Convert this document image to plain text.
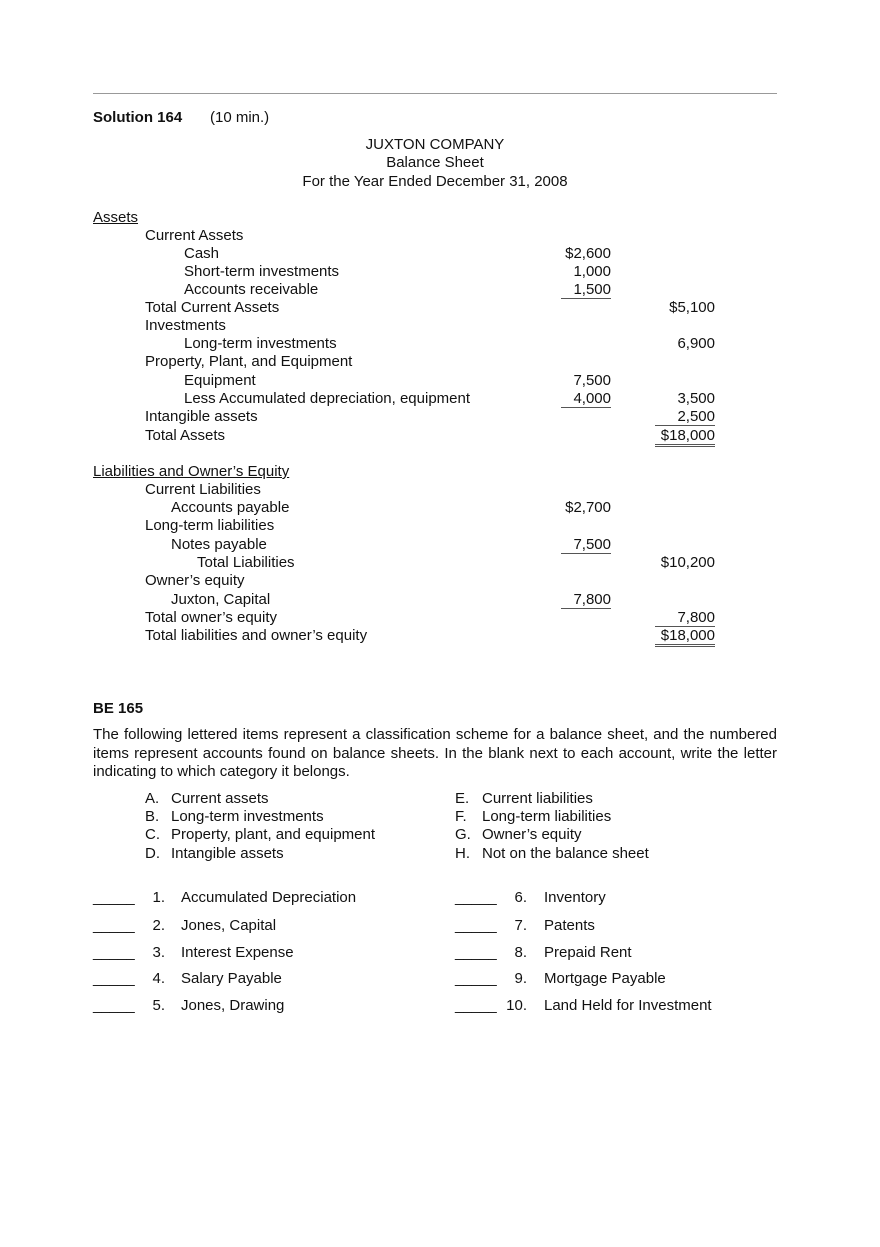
Solution 164 (10 min.)
JUXTON COMPANY
Balance Sheet
For the Year Ended December 31, 2008
Assets
Current Assets
Cash	$2,600
Short-term investments	1,000
Accounts receivable	1,500
Total Current Assets	$5,100
Investments
Long-term investments	6,900
Property, Plant, and Equipment
Equipment	7,500
Less Accumulated depreciation, equipment	4,000	3,500
Intangible assets	2,500
Total Assets	$18,000
Liabilities and Owner’s Equity
Current Liabilities
Accounts payable	$2,700
Long-term liabilities
Notes payable	7,500
Total Liabilities	$10,200
Owner’s equity
Juxton, Capital	7,800
Total owner’s equity	7,800
Total liabilities and owner’s equity	$18,000
BE 165
The following lettered items represent a classification scheme for a balance sheet, and the numbered items represent accounts found on balance sheets. In the blank next to each account, write the letter indicating to which category it belongs.
A. Current assets
B. Long-term investments
C. Property, plant, and equipment
D. Intangible assets
E. Current liabilities
F. Long-term liabilities
G. Owner’s equity
H. Not on the balance sheet
_____	1. Accumulated Depreciation
_____	2. Jones, Capital
_____	3. Interest Expense
_____	4. Salary Payable
_____	5. Jones, Drawing
_____	6. Inventory
_____	7. Patents
_____	8. Prepaid Rent
_____	9. Mortgage Payable
_____ 10. Land Held for Investment
